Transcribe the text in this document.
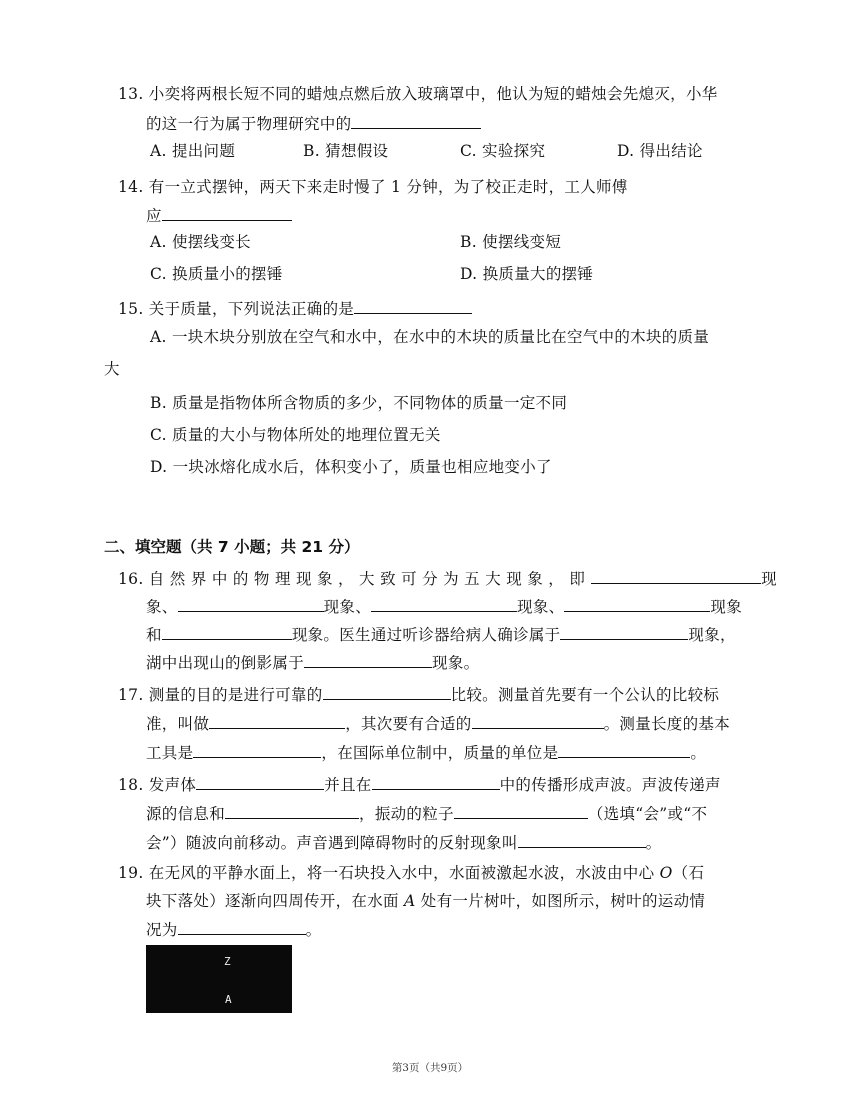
13. 小奕将两根长短不同的蜡烛点燃后放入玻璃罩中，他认为短的蜡烛会先熄灭，小华
的这一行为属于物理研究中的
A. 提出问题	B. 猜想假设	C. 实验探究	D. 得出结论
14. 有一立式摆钟，两天下来走时慢了 1 分钟，为了校正走时，工人师傅
应
A. 使摆线变长	B. 使摆线变短
C. 换质量小的摆锤	D. 换质量大的摆锤
15. 关于质量，下列说法正确的是
A. 一块木块分别放在空气和水中，在水中的木块的质量比在空气中的木块的质量
大
B. 质量是指物体所含物质的多少，不同物体的质量一定不同
C. 质量的大小与物体所处的地理位置无关
D. 一块冰熔化成水后，体积变小了，质量也相应地变小了
二、填空题（共 7 小题；共 21 分）
16. 自 然 界 中 的 物 理 现 象 ， 大 致 可 分 为 五 大 现 象 ， 即	现
象、	现象、	现象、	现象
和	现象。医生通过听诊器给病人确诊属于	现象，
湖中出现山的倒影属于	现象。
17. 测量的目的是进行可靠的	比较。测量首先要有一个公认的比较标
准，叫做	，其次要有合适的	。测量长度的基本
工具是	，在国际单位制中，质量的单位是	。
18. 发声体	并且在	中的传播形成声波。声波传递声
源的信息和	，振动的粒子	（选填“会”或“不
会”）随波向前移动。声音遇到障碍物时的反射现象叫	。
19. 在无风的平静水面上，将一石块投入水中，水面被激起水波，水波由中心 O（石
块下落处）逐渐向四周传开，在水面 A 处有一片树叶，如图所示，树叶的运动情
况为	。
Z
A
第3页（共9页）
